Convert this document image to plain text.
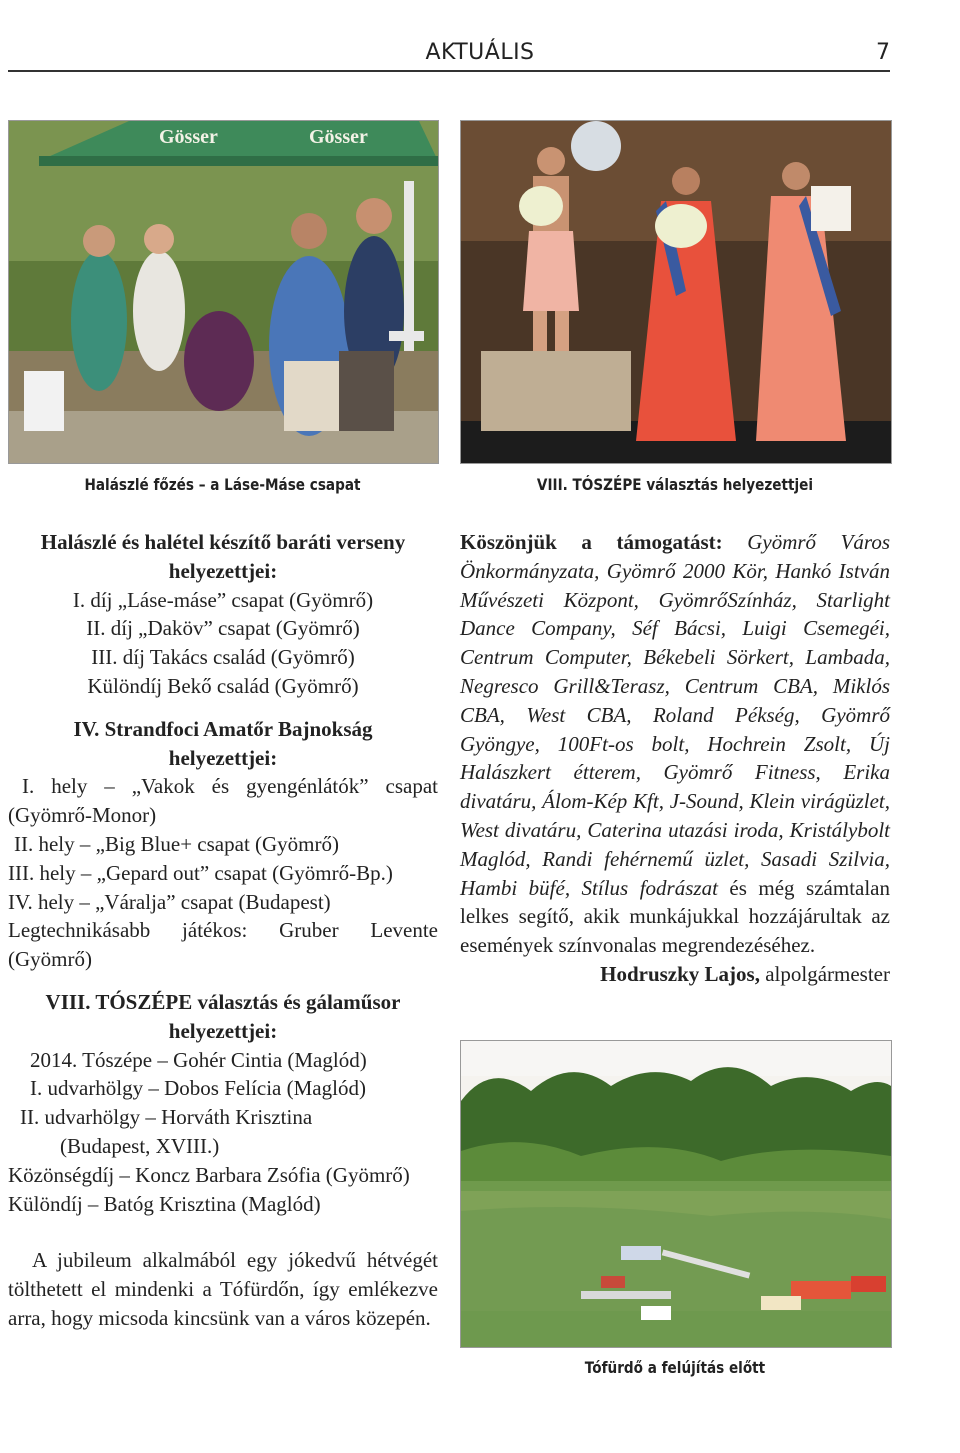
AKTUÁLIS	7
Gösser	Gösser
Halászlé főzés – a Láse-Máse csapat	VIII. TÓSZÉPE választás helyezettjei

Halászlé és halétel készítő baráti verseny helyezettjei:

I. díj „Láse-máse” csapat (Gyömrő)

II. díj „Daköv” csapat (Gyömrő)

III. díj Takács család (Gyömrő)

Különdíj Bekő család (Gyömrő)

IV. Strandfoci Amatőr Bajnokság

helyezettjei:

I. hely – „Vakok és gyengénlátók” csapat (Gyömrő-Monor)

II. hely – „Big Blue+ csapat (Gyömrő)

III. hely – „Gepard out” csapat (Gyömrő-Bp.)

IV. hely – „Váralja” csapat (Budapest)

Legtechnikásabb játékos: Gruber Levente (Gyömrő)

VIII. TÓSZÉPE választás és gálaműsor

helyezettjei:

2014. Tószépe – Gohér Cintia (Maglód)

I. udvarhölgy – Dobos Felícia (Maglód)

II. udvarhölgy – Horváth Krisztina

(Budapest, XVIII.)

Közönségdíj – Koncz Barbara Zsófia (Gyömrő)

Különdíj – Batóg Krisztina (Maglód)

A jubileum alkalmából egy jókedvű hétvégét tölthetett el mindenki a Tófürdőn, így emlékezve arra, hogy micsoda kincsünk van a város közepén.

Köszönjük a támogatást: Gyömrő Város Önkormányzata, Gyömrő 2000 Kör, Hankó István Művészeti Központ, GyömrőSzínház, Starlight Dance Company, Séf Bácsi, Luigi Csemegéi, Centrum Computer, Békebeli Sörkert, Lambada, Negresco Grill&Terasz, Centrum CBA, Miklós CBA, West CBA, Roland Pékség, Gyömrő Gyöngye, 100Ft-os bolt, Hochrein Zsolt, Új Halászkert étterem, Gyömrő Fitness, Erika divatáru, Álom-Kép Kft, J-Sound, Klein virágüzlet, West divatáru, Caterina utazási iroda, Kristálybolt Maglód, Randi fehérnemű üzlet, Sasadi Szilvia, Hambi büfé, Stílus fodrászat és még számtalan lelkes segítő, akik munkájukkal hozzájárultak az események színvonalas megrendezéséhez.

Hodruszky Lajos, alpolgármester

Tófürdő a felújítás előtt
